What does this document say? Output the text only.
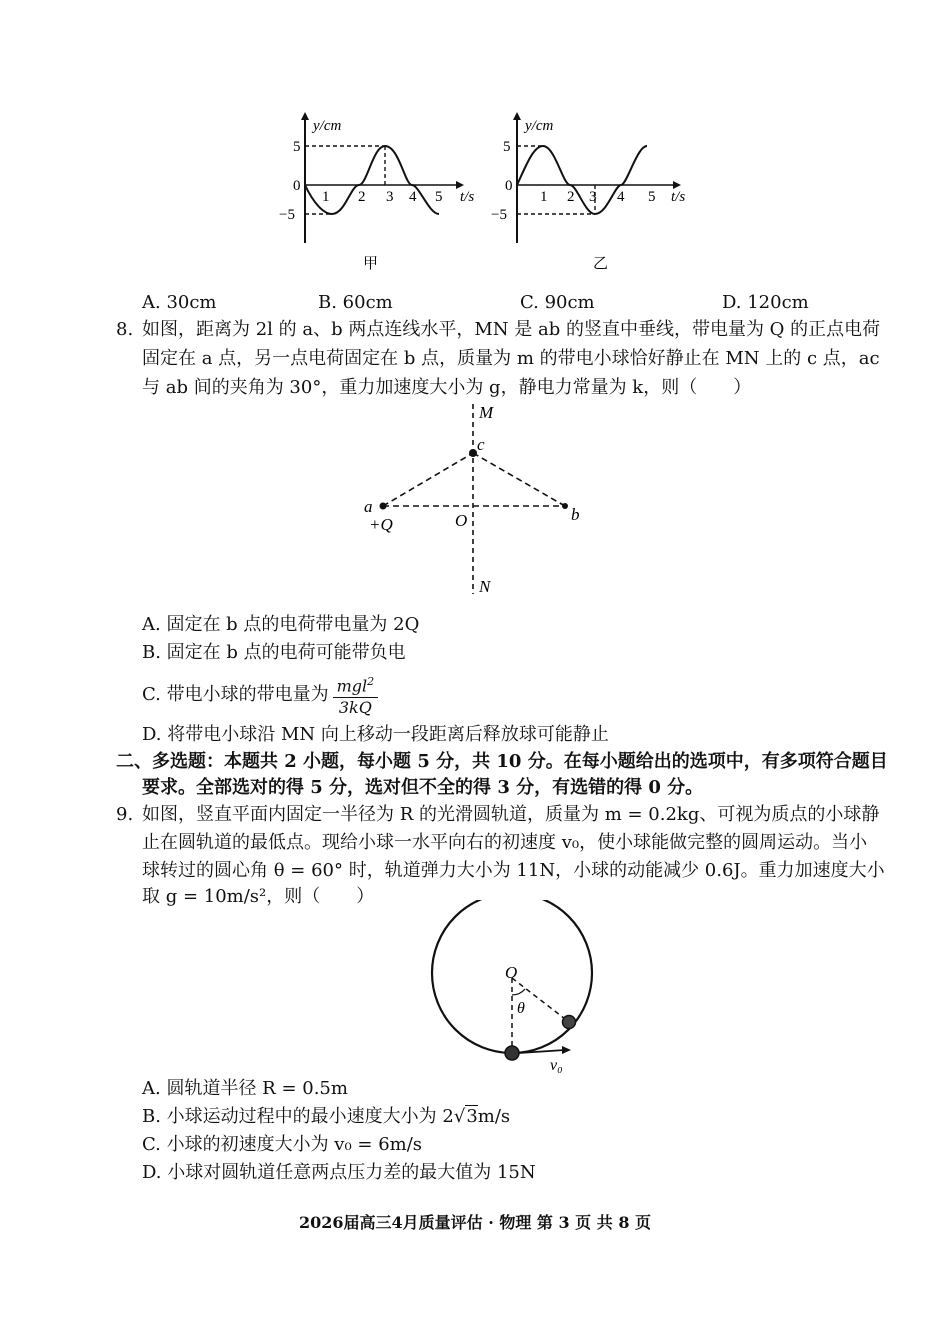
y/cm
5
0
−5
1 2 3 4 5 t/s
甲
y/cm
5
0
−5
1 2 3 4 5 t/s
乙
A. 30cm	B. 60cm	C. 90cm	D. 120cm
8. 如图，距离为 2l 的 a、b 两点连线水平，MN 是 ab 的竖直中垂线，带电量为 Q 的正点电荷
固定在 a 点，另一点电荷固定在 b 点，质量为 m 的带电小球恰好静止在 MN 上的 c 点，ac
与 ab 间的夹角为 30°，重力加速度大小为 g，静电力常量为 k，则（　　）
M
c
a
+Q	O	b
N
A. 固定在 b 点的电荷带电量为 2Q
B. 固定在 b 点的电荷可能带负电
C. 带电小球的带电量为 $\frac{mgl^2}{3kQ}$
D. 将带电小球沿 MN 向上移动一段距离后释放球可能静止
二、多选题：本题共 2 小题，每小题 5 分，共 10 分。在每小题给出的选项中，有多项符合题目
要求。全部选对的得 5 分，选对但不全的得 3 分，有选错的得 0 分。
9. 如图，竖直平面内固定一半径为 R 的光滑圆轨道，质量为 m = 0.2kg、可视为质点的小球静
止在圆轨道的最低点。现给小球一水平向右的初速度 v₀，使小球能做完整的圆周运动。当小
球转过的圆心角 θ = 60° 时，轨道弹力大小为 11N，小球的动能减少 0.6J。重力加速度大小
取 g = 10m/s²，则（　　）
O
θ
v₀
A. 圆轨道半径 R = 0.5m
B. 小球运动过程中的最小速度大小为 2√3m/s
C. 小球的初速度大小为 v₀ = 6m/s
D. 小球对圆轨道任意两点压力差的最大值为 15N
2026届高三4月质量评估 · 物理 第 3 页 共 8 页
